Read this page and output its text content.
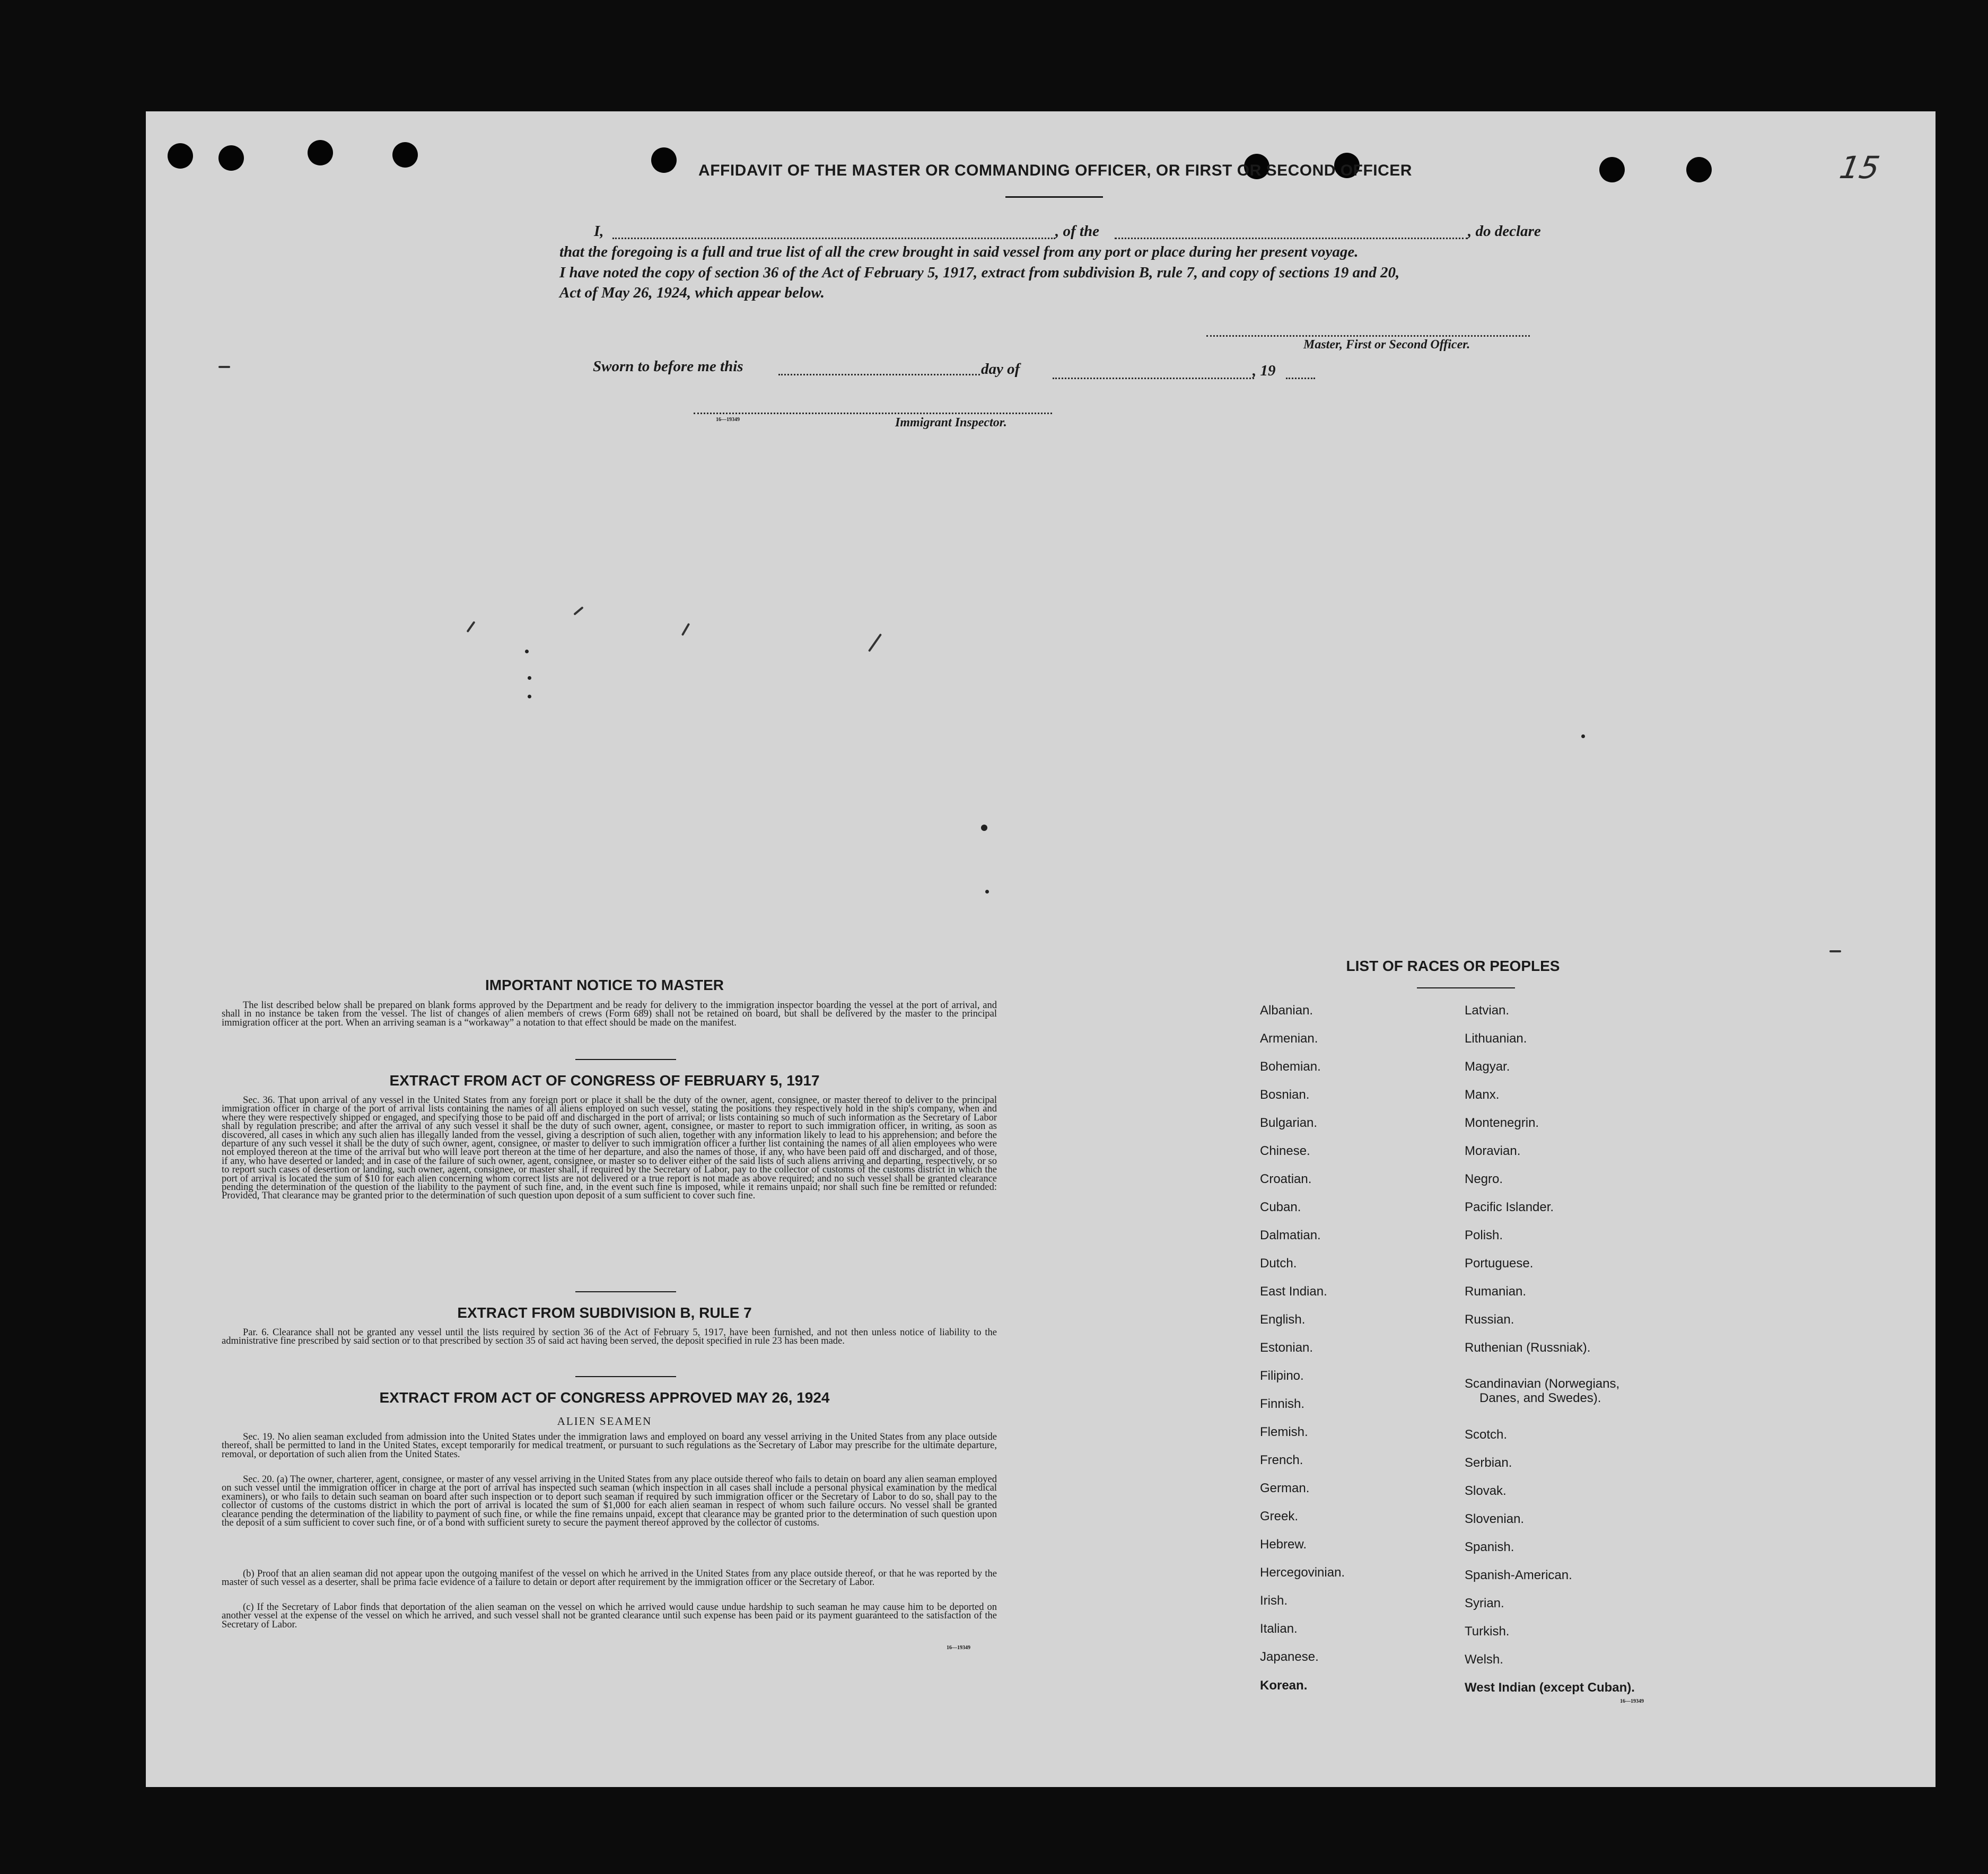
15
AFFIDAVIT OF THE MASTER OR COMMANDING OFFICER, OR FIRST OR SECOND OFFICER
I,	, of the	, do declare
that the foregoing is a full and true list of all the crew brought in said vessel from any port or place during her present voyage.
I have noted the copy of section 36 of the Act of February 5, 1917, extract from subdivision B, rule 7, and copy of sections 19 and 20,
Act of May 26, 1924, which appear below.
Master, First or Second Officer.
Sworn to before me this	day of	, 19
16—19349	Immigrant Inspector.
IMPORTANT NOTICE TO MASTER

The list described below shall be prepared on blank forms approved by the Department and be ready for delivery to the immigration inspector boarding the vessel at the port of arrival, and shall in no instance be taken from the vessel. The list of changes of alien members of crews (Form 689) shall not be retained on board, but shall be delivered by the master to the principal immigration officer at the port. When an arriving seaman is a “workaway” a notation to that effect should be made on the manifest.

EXTRACT FROM ACT OF CONGRESS OF FEBRUARY 5, 1917

Sec. 36. That upon arrival of any vessel in the United States from any foreign port or place it shall be the duty of the owner, agent, consignee, or master thereof to deliver to the principal immigration officer in charge of the port of arrival lists containing the names of all aliens employed on such vessel, stating the positions they respectively hold in the ship's company, when and where they were respectively shipped or engaged, and specifying those to be paid off and discharged in the port of arrival; or lists containing so much of such information as the Secretary of Labor shall by regulation prescribe; and after the arrival of any such vessel it shall be the duty of such owner, agent, consignee, or master to report to such immigration officer, in writing, as soon as discovered, all cases in which any such alien has illegally landed from the vessel, giving a description of such alien, together with any information likely to lead to his apprehension; and before the departure of any such vessel it shall be the duty of such owner, agent, consignee, or master to deliver to such immigration officer a further list containing the names of all alien employees who were not employed thereon at the time of the arrival but who will leave port thereon at the time of her departure, and also the names of those, if any, who have been paid off and discharged, and of those, if any, who have deserted or landed; and in case of the failure of such owner, agent, consignee, or master so to deliver either of the said lists of such aliens arriving and departing, respectively, or so to report such cases of desertion or landing, such owner, agent, consignee, or master shall, if required by the Secretary of Labor, pay to the collector of customs of the customs district in which the port of arrival is located the sum of $10 for each alien concerning whom correct lists are not delivered or a true report is not made as above required; and no such vessel shall be granted clearance pending the determination of the question of the liability to the payment of such fine, and, in the event such fine is imposed, while it remains unpaid; nor shall such fine be remitted or refunded: Provided, That clearance may be granted prior to the determination of such question upon deposit of a sum sufficient to cover such fine.

EXTRACT FROM SUBDIVISION B, RULE 7

Par. 6. Clearance shall not be granted any vessel until the lists required by section 36 of the Act of February 5, 1917, have been furnished, and not then unless notice of liability to the administrative fine prescribed by said section or to that prescribed by section 35 of said act having been served, the deposit specified in rule 23 has been made.

EXTRACT FROM ACT OF CONGRESS APPROVED MAY 26, 1924
ALIEN SEAMEN

Sec. 19. No alien seaman excluded from admission into the United States under the immigration laws and employed on board any vessel arriving in the United States from any place outside thereof, shall be permitted to land in the United States, except temporarily for medical treatment, or pursuant to such regulations as the Secretary of Labor may prescribe for the ultimate departure, removal, or deportation of such alien from the United States.

Sec. 20. (a) The owner, charterer, agent, consignee, or master of any vessel arriving in the United States from any place outside thereof who fails to detain on board any alien seaman employed on such vessel until the immigration officer in charge at the port of arrival has inspected such seaman (which inspection in all cases shall include a personal physical examination by the medical examiners), or who fails to detain such seaman on board after such inspection or to deport such seaman if required by such immigration officer or the Secretary of Labor to do so, shall pay to the collector of customs of the customs district in which the port of arrival is located the sum of $1,000 for each alien seaman in respect of whom such failure occurs. No vessel shall be granted clearance pending the determination of the liability to payment of such fine, or while the fine remains unpaid, except that clearance may be granted prior to the determination of such question upon the deposit of a sum sufficient to cover such fine, or of a bond with sufficient surety to secure the payment thereof approved by the collector of customs.

(b) Proof that an alien seaman did not appear upon the outgoing manifest of the vessel on which he arrived in the United States from any place outside thereof, or that he was reported by the master of such vessel as a deserter, shall be prima facie evidence of a failure to detain or deport after requirement by the immigration officer or the Secretary of Labor.

(c) If the Secretary of Labor finds that deportation of the alien seaman on the vessel on which he arrived would cause undue hardship to such seaman he may cause him to be deported on another vessel at the expense of the vessel on which he arrived, and such vessel shall not be granted clearance until such expense has been paid or its payment guaranteed to the satisfaction of the Secretary of Labor.

16—19349
LIST OF RACES OR PEOPLES
Albanian.
Armenian.
Bohemian.
Bosnian.
Bulgarian.
Chinese.
Croatian.
Cuban.
Dalmatian.
Dutch.
East Indian.
English.
Estonian.
Filipino.
Finnish.
Flemish.
French.
German.
Greek.
Hebrew.
Hercegovinian.
Irish.
Italian.
Japanese.
Korean.
Latvian.
Lithuanian.
Magyar.
Manx.
Montenegrin.
Moravian.
Negro.
Pacific Islander.
Polish.
Portuguese.
Rumanian.
Russian.
Ruthenian (Russniak).
Scandinavian (Norwegians,
Danes, and Swedes).
Scotch.
Serbian.
Slovak.
Slovenian.
Spanish.
Spanish-American.
Syrian.
Turkish.
Welsh.
West Indian (except Cuban).
16—19349
